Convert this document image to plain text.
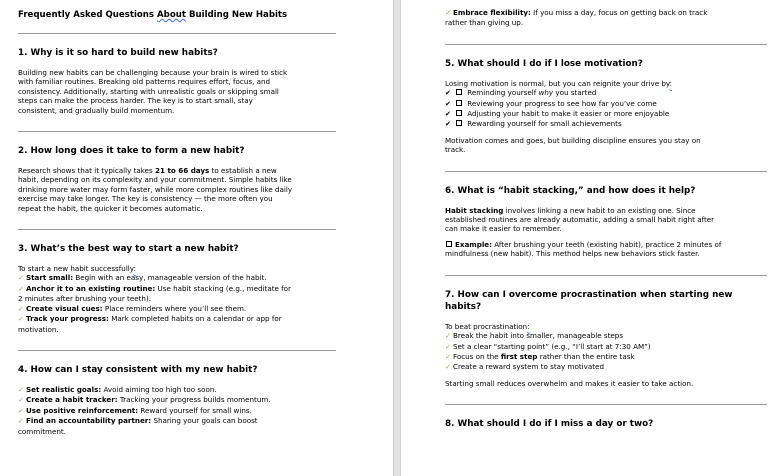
Frequently Asked Questions About Building New Habits
1. Why is it so hard to build new habits?
Building new habits can be challenging because your brain is wired to stick
with familiar routines. Breaking old patterns requires effort, focus, and
consistency. Additionally, starting with unrealistic goals or skipping small
steps can make the process harder. The key is to start small, stay
consistent, and gradually build momentum.
2. How long does it take to form a new habit?
Research shows that it typically takes 21 to 66 days to establish a new
habit, depending on its complexity and your commitment. Simple habits like
drinking more water may form faster, while more complex routines like daily
exercise may take longer. The key is consistency — the more often you
repeat the habit, the quicker it becomes automatic.
3. What’s the best way to start a new habit?
To start a new habit successfully:
✓ Start small: Begin with an easy, manageable version of the habit.
✓ Anchor it to an existing routine: Use habit stacking (e.g., meditate for
2 minutes after brushing your teeth).
✓ Create visual cues: Place reminders where you’ll see them.
✓ Track your progress: Mark completed habits on a calendar or app for
motivation.
4. How can I stay consistent with my new habit?
✓ Set realistic goals: Avoid aiming too high too soon.
✓ Create a habit tracker: Tracking your progress builds momentum.
✓ Use positive reinforcement: Reward yourself for small wins.
✓ Find an accountability partner: Sharing your goals can boost
commitment.
✓ Embrace flexibility: If you miss a day, focus on getting back on track
rather than giving up.
5. What should I do if I lose motivation?
Losing motivation is normal, but you can reignite your drive by:
✔ Reminding yourself why you started
✔ Reviewing your progress to see how far you’ve come
✔ Adjusting your habit to make it easier or more enjoyable
✔ Rewarding yourself for small achievements
Motivation comes and goes, but building discipline ensures you stay on
track.
6. What is “habit stacking,” and how does it help?
Habit stacking involves linking a new habit to an existing one. Since
established routines are already automatic, adding a small habit right after
can make it easier to remember.
Example: After brushing your teeth (existing habit), practice 2 minutes of
mindfulness (new habit). This method helps new behaviors stick faster.
7. How can I overcome procrastination when starting new habits?
To beat procrastination:
✓ Break the habit into smaller, manageable steps
✓ Set a clear “starting point” (e.g., “I’ll start at 7:30 AM”)
✓ Focus on the first step rather than the entire task
✓ Create a reward system to stay motivated
Starting small reduces overwhelm and makes it easier to take action.
8. What should I do if I miss a day or two?
